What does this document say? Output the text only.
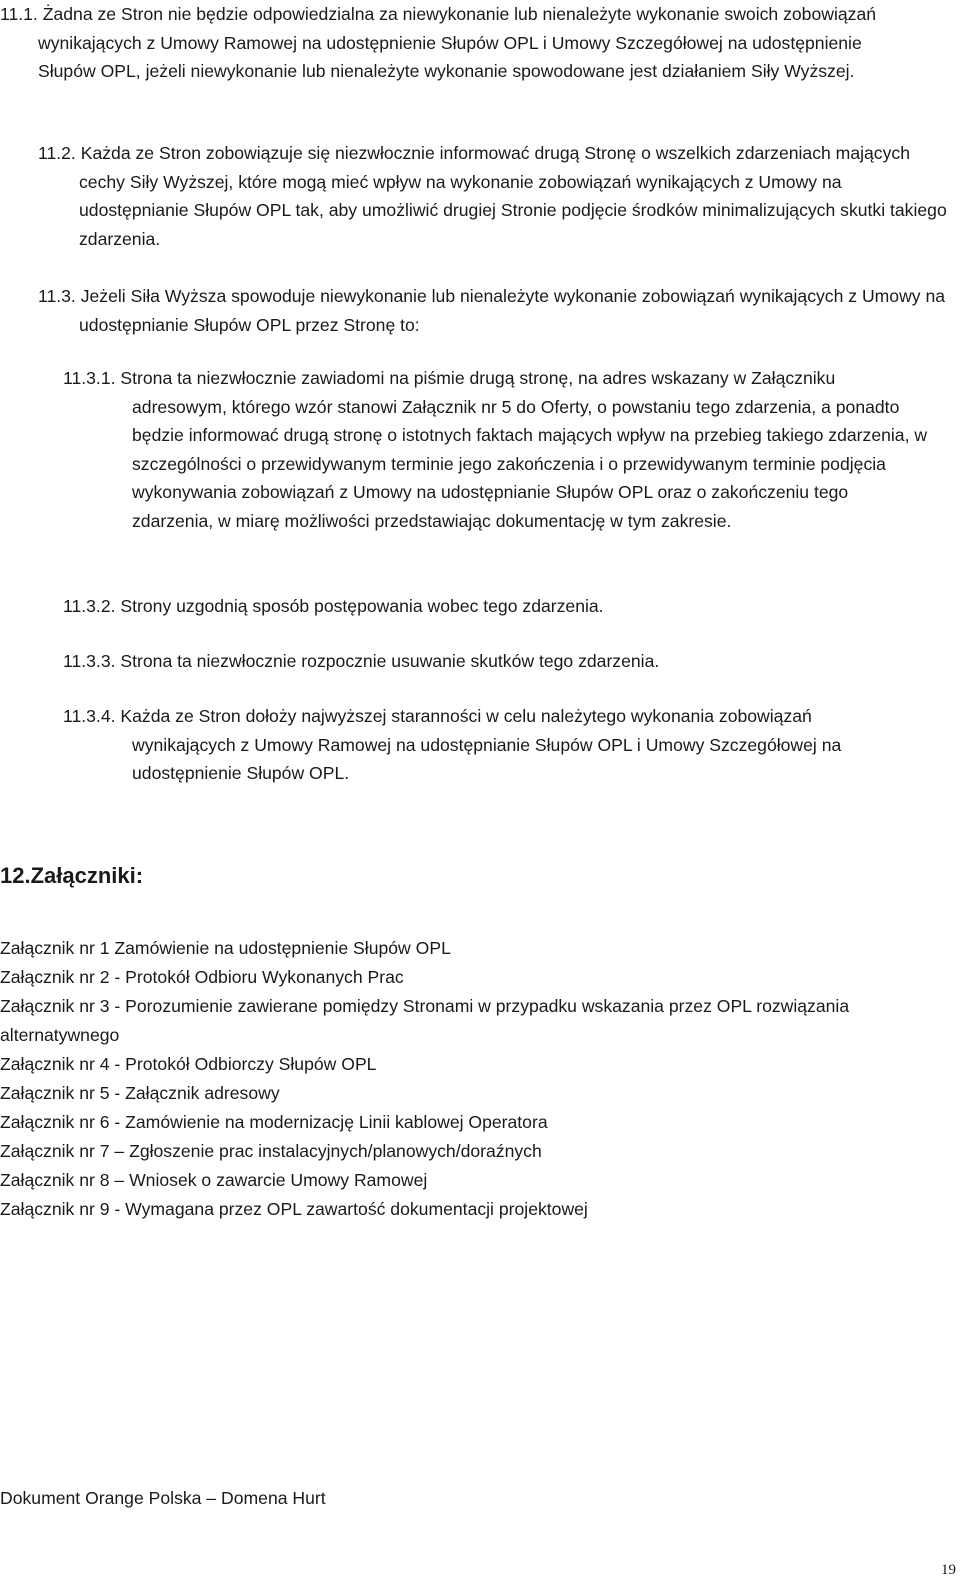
11.1. Żadna ze Stron nie będzie odpowiedzialna za niewykonanie lub nienależyte wykonanie swoich zobowiązań wynikających z Umowy Ramowej na udostępnienie Słupów OPL i Umowy Szczegółowej na udostępnienie Słupów OPL, jeżeli niewykonanie lub nienależyte wykonanie spowodowane jest działaniem Siły Wyższej.
11.2. Każda ze Stron zobowiązuje się niezwłocznie informować drugą Stronę o wszelkich zdarzeniach mających cechy Siły Wyższej, które mogą mieć wpływ na wykonanie zobowiązań wynikających z Umowy na udostępnianie Słupów OPL tak, aby umożliwić drugiej Stronie podjęcie środków minimalizujących skutki takiego zdarzenia.
11.3. Jeżeli Siła Wyższa spowoduje niewykonanie lub nienależyte wykonanie zobowiązań wynikających z Umowy na udostępnianie Słupów OPL przez Stronę to:
11.3.1. Strona ta niezwłocznie zawiadomi na piśmie drugą stronę, na adres wskazany w Załączniku adresowym, którego wzór stanowi Załącznik nr 5 do Oferty, o powstaniu tego zdarzenia, a ponadto będzie informować drugą stronę o istotnych faktach mających wpływ na przebieg takiego zdarzenia, w szczególności o przewidywanym terminie jego zakończenia i o przewidywanym terminie podjęcia wykonywania zobowiązań z Umowy na udostępnianie Słupów OPL oraz o zakończeniu tego zdarzenia, w miarę możliwości przedstawiając dokumentację w tym zakresie.
11.3.2. Strony uzgodnią sposób postępowania wobec tego zdarzenia.
11.3.3. Strona ta niezwłocznie rozpocznie usuwanie skutków tego zdarzenia.
11.3.4. Każda ze Stron dołoży najwyższej staranności w celu należytego wykonania zobowiązań wynikających z Umowy Ramowej na udostępnianie Słupów OPL i Umowy Szczegółowej na udostępnienie Słupów OPL.
12.Załączniki:
Załącznik nr 1 Zamówienie na udostępnienie Słupów OPL
Załącznik nr 2 - Protokół Odbioru Wykonanych Prac
Załącznik nr 3 - Porozumienie zawierane pomiędzy Stronami w przypadku wskazania przez OPL rozwiązania alternatywnego
Załącznik nr 4 - Protokół Odbiorczy Słupów OPL
Załącznik nr 5 - Załącznik adresowy
Załącznik nr 6 - Zamówienie na modernizację Linii kablowej Operatora
Załącznik nr 7 – Zgłoszenie prac instalacyjnych/planowych/doraźnych
Załącznik nr 8 – Wniosek o zawarcie Umowy Ramowej
Załącznik nr 9 - Wymagana przez OPL zawartość dokumentacji projektowej
Dokument Orange Polska – Domena Hurt
19
